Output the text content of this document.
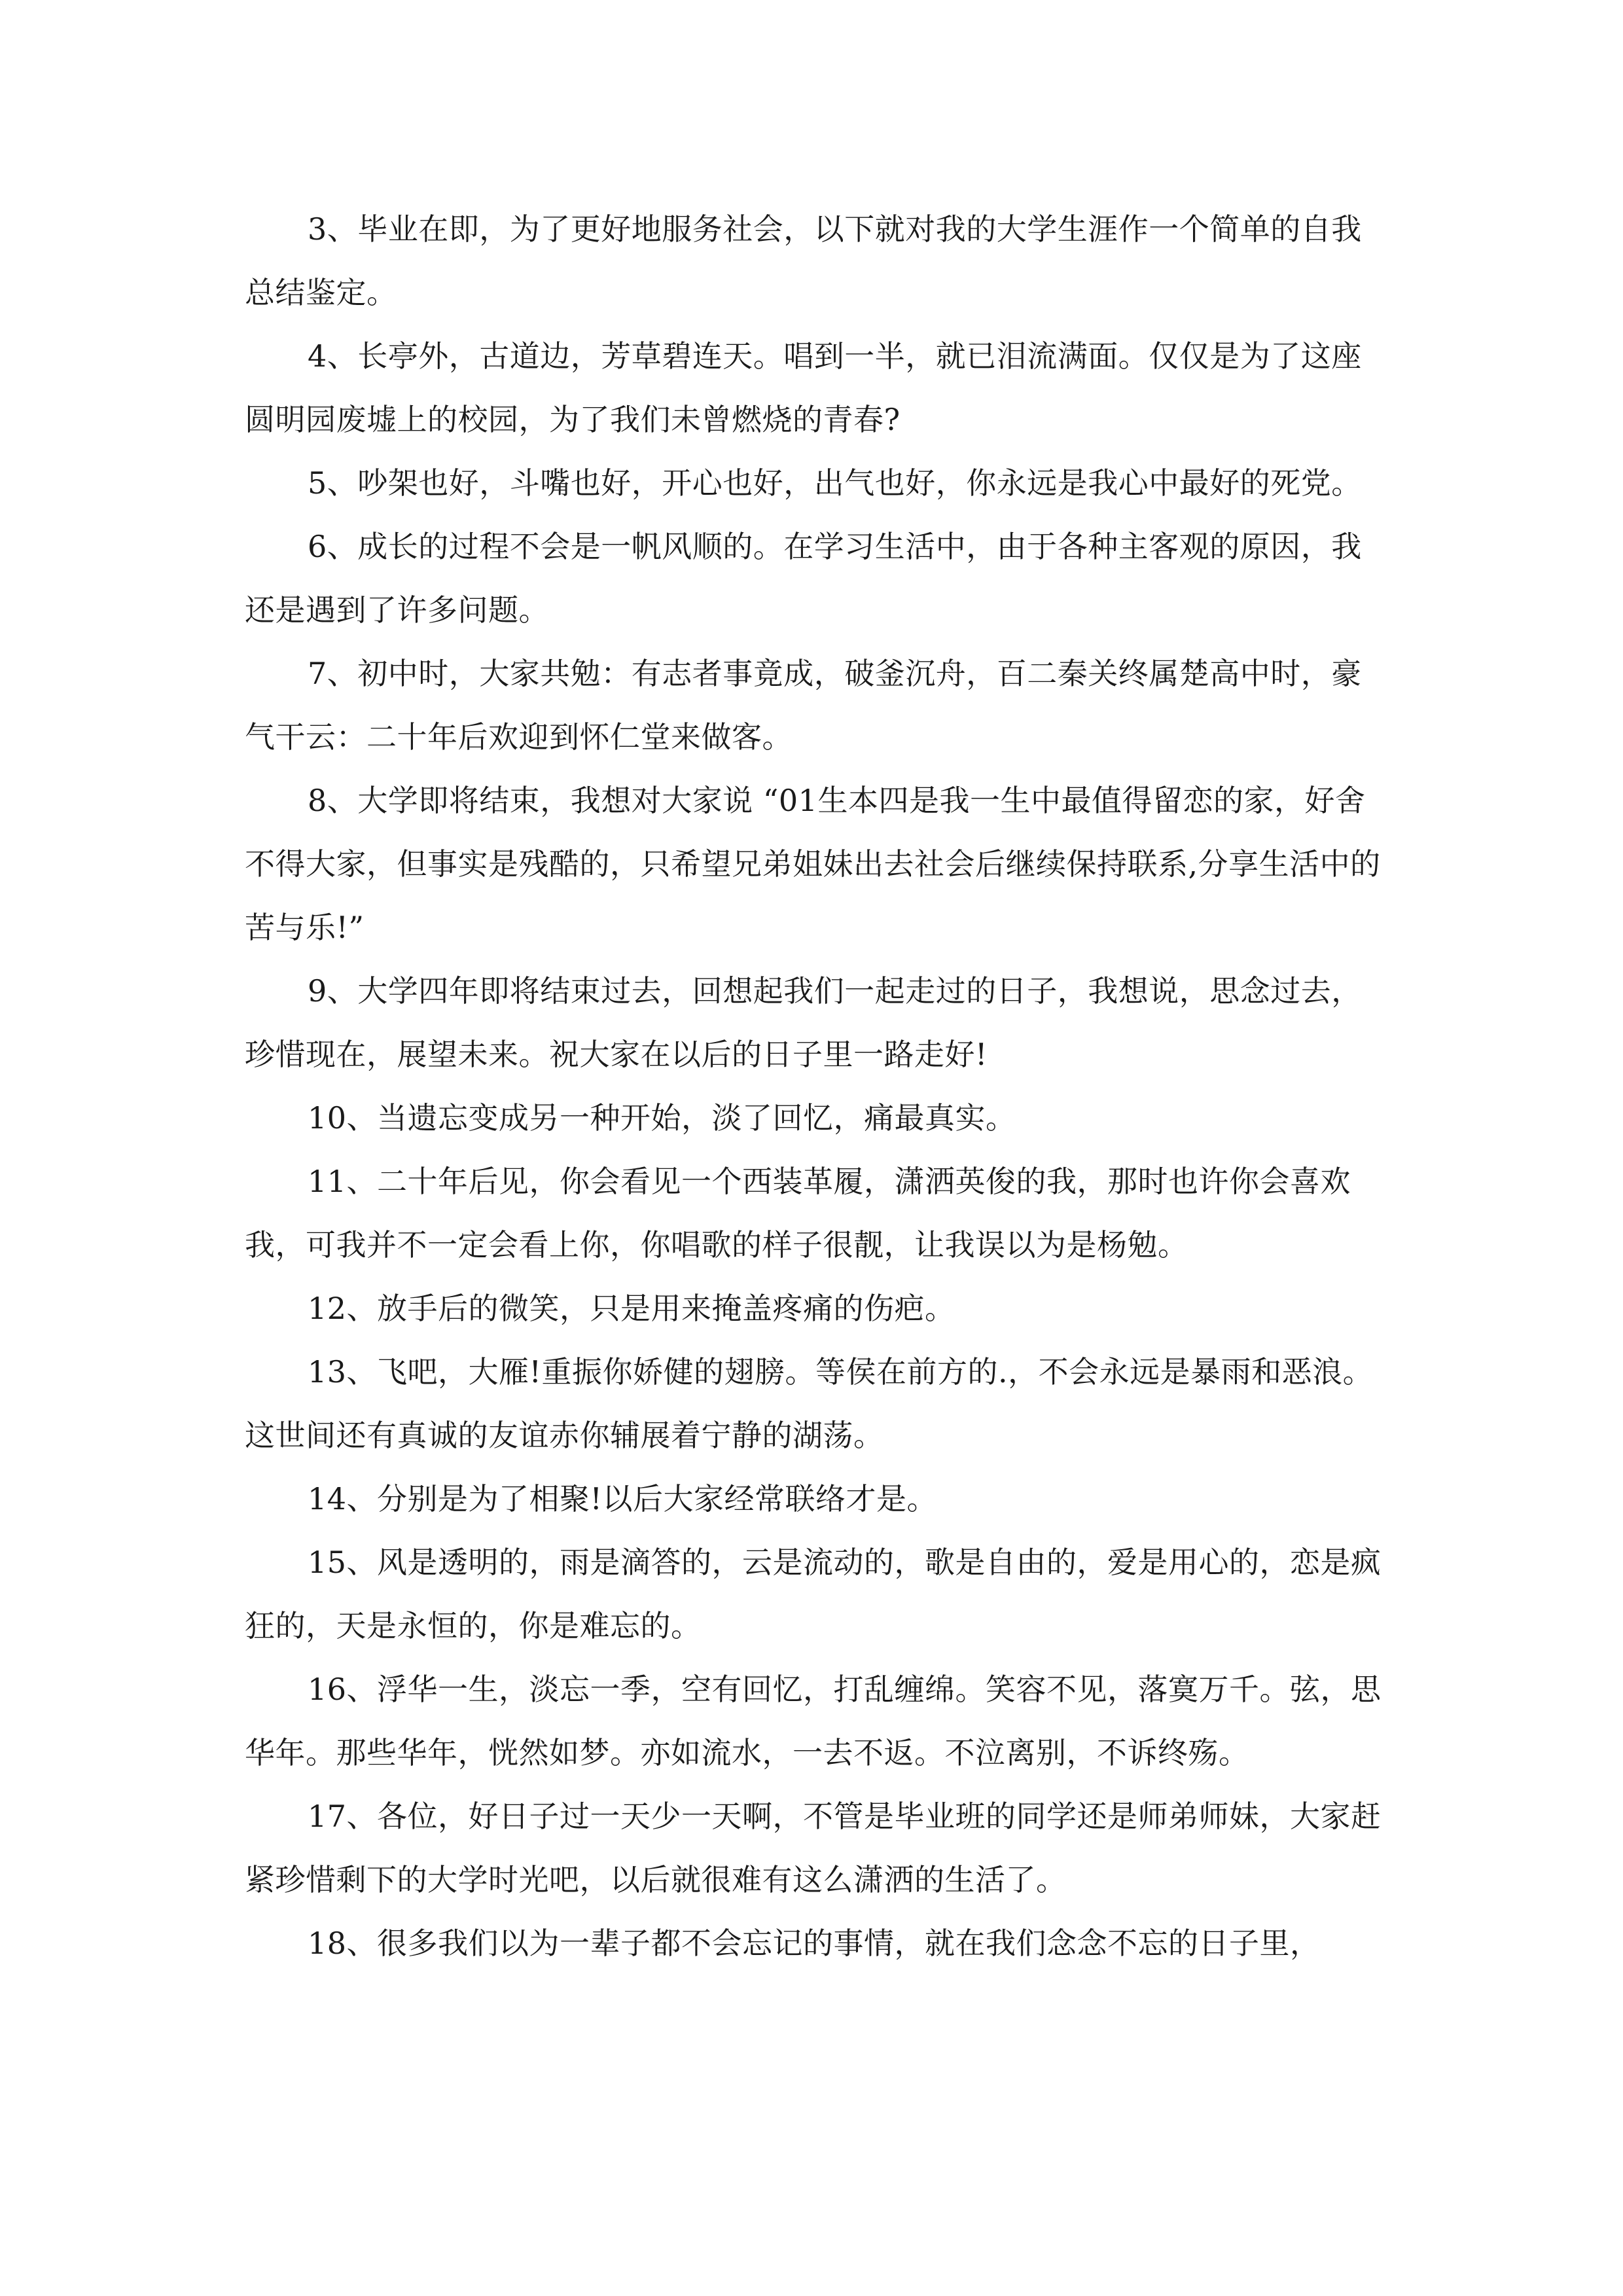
3、毕业在即，为了更好地服务社会，以下就对我的大学生涯作一个简单的自我总结鉴定。

4、长亭外，古道边，芳草碧连天。唱到一半，就已泪流满面。仅仅是为了这座圆明园废墟上的校园，为了我们未曾燃烧的青春?

5、吵架也好，斗嘴也好，开心也好，出气也好，你永远是我心中最好的死党。

6、成长的过程不会是一帆风顺的。在学习生活中，由于各种主客观的原因，我还是遇到了许多问题。

7、初中时，大家共勉：有志者事竟成，破釜沉舟，百二秦关终属楚高中时，豪气干云：二十年后欢迎到怀仁堂来做客。

8、大学即将结束，我想对大家说 “01生本四是我一生中最值得留恋的家，好舍不得大家，但事实是残酷的，只希望兄弟姐妹出去社会后继续保持联系,分享生活中的苦与乐!”

9、大学四年即将结束过去，回想起我们一起走过的日子，我想说，思念过去，珍惜现在，展望未来。祝大家在以后的日子里一路走好!

10、当遗忘变成另一种开始，淡了回忆，痛最真实。

11、二十年后见，你会看见一个西装革履，潇洒英俊的我，那时也许你会喜欢我，可我并不一定会看上你，你唱歌的样子很靓，让我误以为是杨勉。

12、放手后的微笑，只是用来掩盖疼痛的伤疤。

13、飞吧，大雁!重振你娇健的翅膀。等侯在前方的.，不会永远是暴雨和恶浪。这世间还有真诚的友谊赤你辅展着宁静的湖荡。

14、分别是为了相聚!以后大家经常联络才是。

15、风是透明的，雨是滴答的，云是流动的，歌是自由的，爱是用心的，恋是疯狂的，天是永恒的，你是难忘的。

16、浮华一生，淡忘一季，空有回忆，打乱缠绵。笑容不见，落寞万千。弦，思华年。那些华年，恍然如梦。亦如流水，一去不返。不泣离别，不诉终殇。

17、各位，好日子过一天少一天啊，不管是毕业班的同学还是师弟师妹，大家赶紧珍惜剩下的大学时光吧，以后就很难有这么潇洒的生活了。

18、很多我们以为一辈子都不会忘记的事情，就在我们念念不忘的日子里，
